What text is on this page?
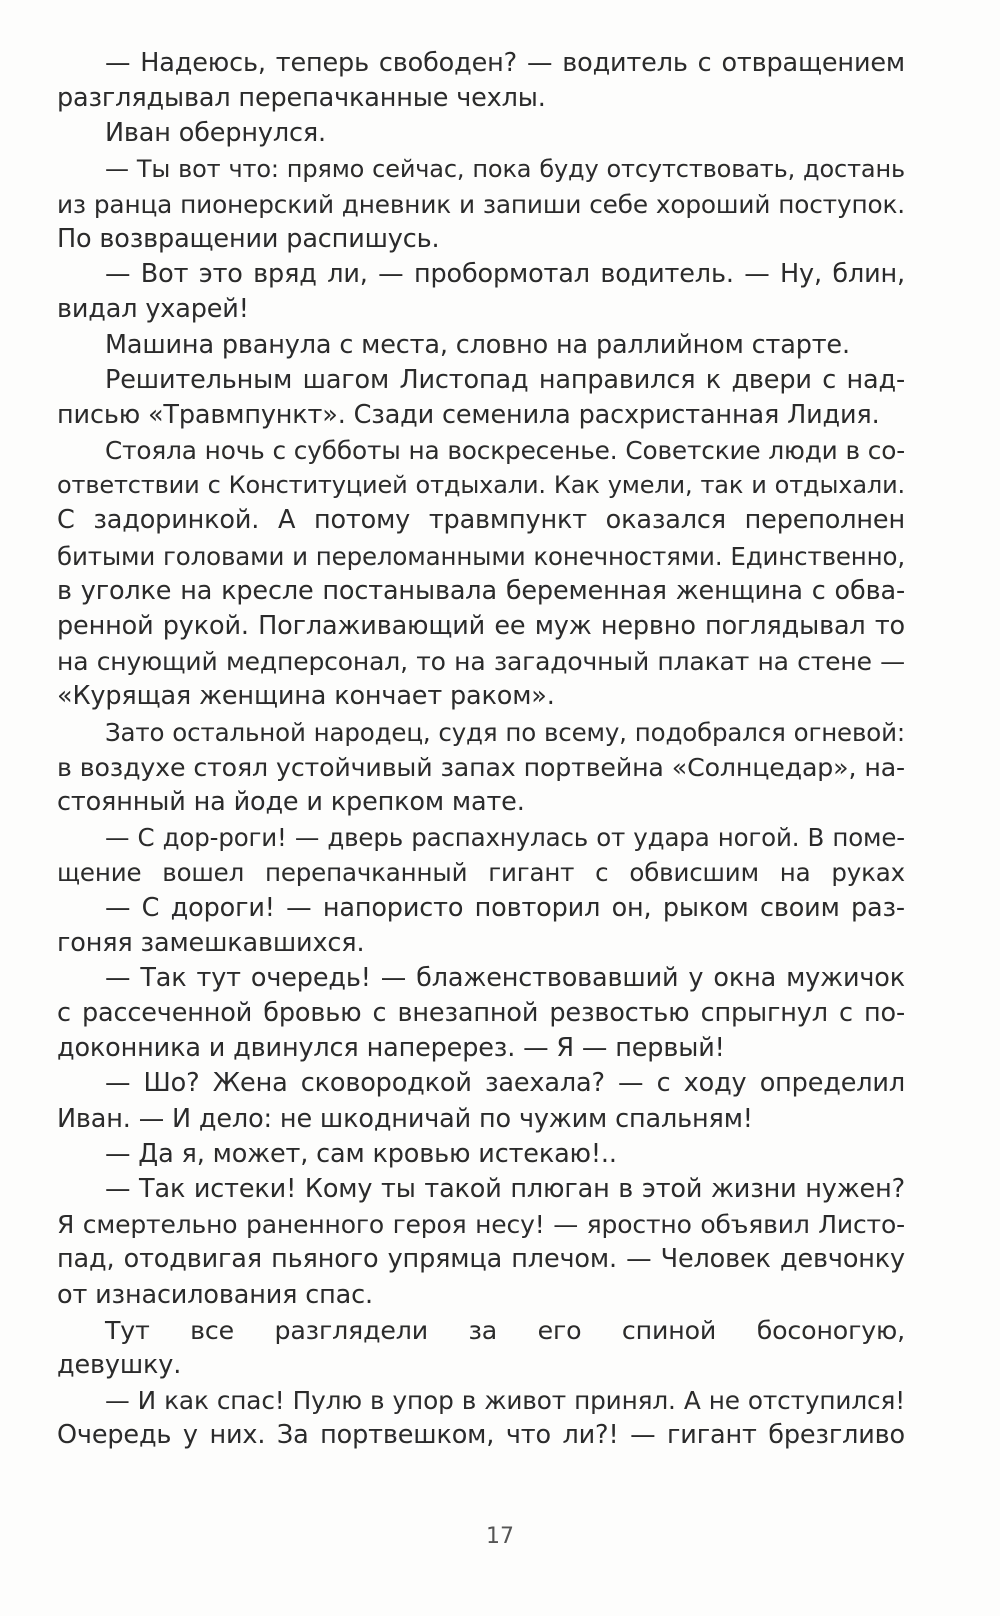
— Надеюсь, теперь свободен? — водитель с отвращением
разглядывал перепачканные чехлы.
Иван обернулся.
— Ты вот что: прямо сейчас, пока буду отсутствовать, достань
из ранца пионерский дневник и запиши себе хороший поступок.
По возвращении распишусь.
— Вот это вряд ли, — пробормотал водитель. — Ну, блин,
видал ухарей!
Машина рванула с места, словно на раллийном старте.
Решительным шагом Листопад направился к двери с над-
писью «Травмпункт». Сзади семенила расхристанная Лидия.
Стояла ночь с субботы на воскресенье. Советские люди в со-
ответствии с Конституцией отдыхали. Как умели, так и отдыхали.
С задоринкой. А потому травмпункт оказался переполнен
битыми головами и переломанными конечностями. Единственно,
в уголке на кресле постанывала беременная женщина с обва-
ренной рукой. Поглаживающий ее муж нервно поглядывал то
на снующий медперсонал, то на загадочный плакат на стене —
«Курящая женщина кончает раком».
Зато остальной народец, судя по всему, подобрался огневой:
в воздухе стоял устойчивый запах портвейна «Солнцедар», на-
стоянный на йоде и крепком мате.
— С дор-роги! — дверь распахнулась от удара ногой. В поме-
щение вошел перепачканный гигант с обвисшим на руках
— С дороги! — напористо повторил он, рыком своим раз-
гоняя замешкавшихся.
— Так тут очередь! — блаженствовавший у окна мужичок
с рассеченной бровью с внезапной резвостью спрыгнул с по-
доконника и двинулся наперерез. — Я — первый!
— Шо? Жена сковородкой заехала? — с ходу определил
Иван. — И дело: не шкодничай по чужим спальням!
— Да я, может, сам кровью истекаю!..
— Так истеки! Кому ты такой плюган в этой жизни нужен?
Я смертельно раненного героя несу! — яростно объявил Листо-
пад, отодвигая пьяного упрямца плечом. — Человек девчонку
от изнасилования спас.
Тут все разглядели за его спиной босоногую,
девушку.
— И как спас! Пулю в упор в живот принял. А не отступился!
Очередь у них. За портвешком, что ли?! — гигант брезгливо
17
